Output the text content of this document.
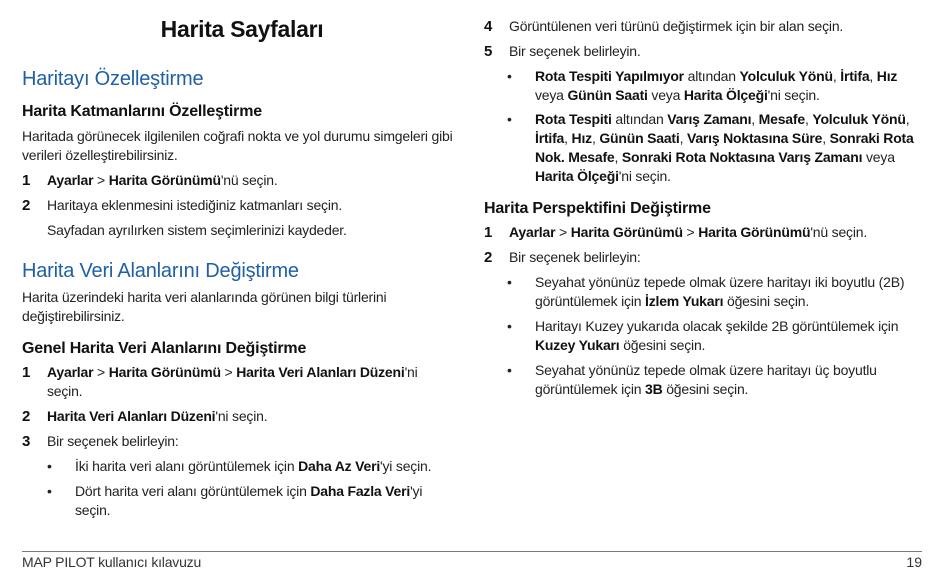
Harita Sayfaları
Haritayı Özelleştirme
Harita Katmanlarını Özelleştirme
Haritada görünecek ilgilenilen coğrafi nokta ve yol durumu simgeleri gibi
verileri özelleştirebilirsiniz.
1 Ayarlar > Harita Görünümü'nü seçin.
2 Haritaya eklenmesini istediğiniz katmanları seçin.
Sayfadan ayrılırken sistem seçimlerinizi kaydeder.
Harita Veri Alanlarını Değiştirme
Harita üzerindeki harita veri alanlarında görünen bilgi türlerini
değiştirebilirsiniz.
Genel Harita Veri Alanlarını Değiştirme
1 Ayarlar > Harita Görünümü > Harita Veri Alanları Düzeni'ni
seçin.
2 Harita Veri Alanları Düzeni'ni seçin.
3 Bir seçenek belirleyin:
• İki harita veri alanı görüntülemek için Daha Az Veri'yi seçin.
• Dört harita veri alanı görüntülemek için Daha Fazla Veri'yi
seçin.
4 Görüntülenen veri türünü değiştirmek için bir alan seçin.
5 Bir seçenek belirleyin.
• Rota Tespiti Yapılmıyor altından Yolculuk Yönü, İrtifa, Hız
veya Günün Saati veya Harita Ölçeği'ni seçin.
• Rota Tespiti altından Varış Zamanı, Mesafe, Yolculuk Yönü,
İrtifa, Hız, Günün Saati, Varış Noktasına Süre, Sonraki Rota
Nok. Mesafe, Sonraki Rota Noktasına Varış Zamanı veya
Harita Ölçeği'ni seçin.
Harita Perspektifini Değiştirme
1 Ayarlar > Harita Görünümü > Harita Görünümü'nü seçin.
2 Bir seçenek belirleyin:
• Seyahat yönünüz tepede olmak üzere haritayı iki boyutlu (2B)
görüntülemek için İzlem Yukarı öğesini seçin.
• Haritayı Kuzey yukarıda olacak şekilde 2B görüntülemek için
Kuzey Yukarı öğesini seçin.
• Seyahat yönünüz tepede olmak üzere haritayı üç boyutlu
görüntülemek için 3B öğesini seçin.
MAP PILOT kullanıcı kılavuzu	19
